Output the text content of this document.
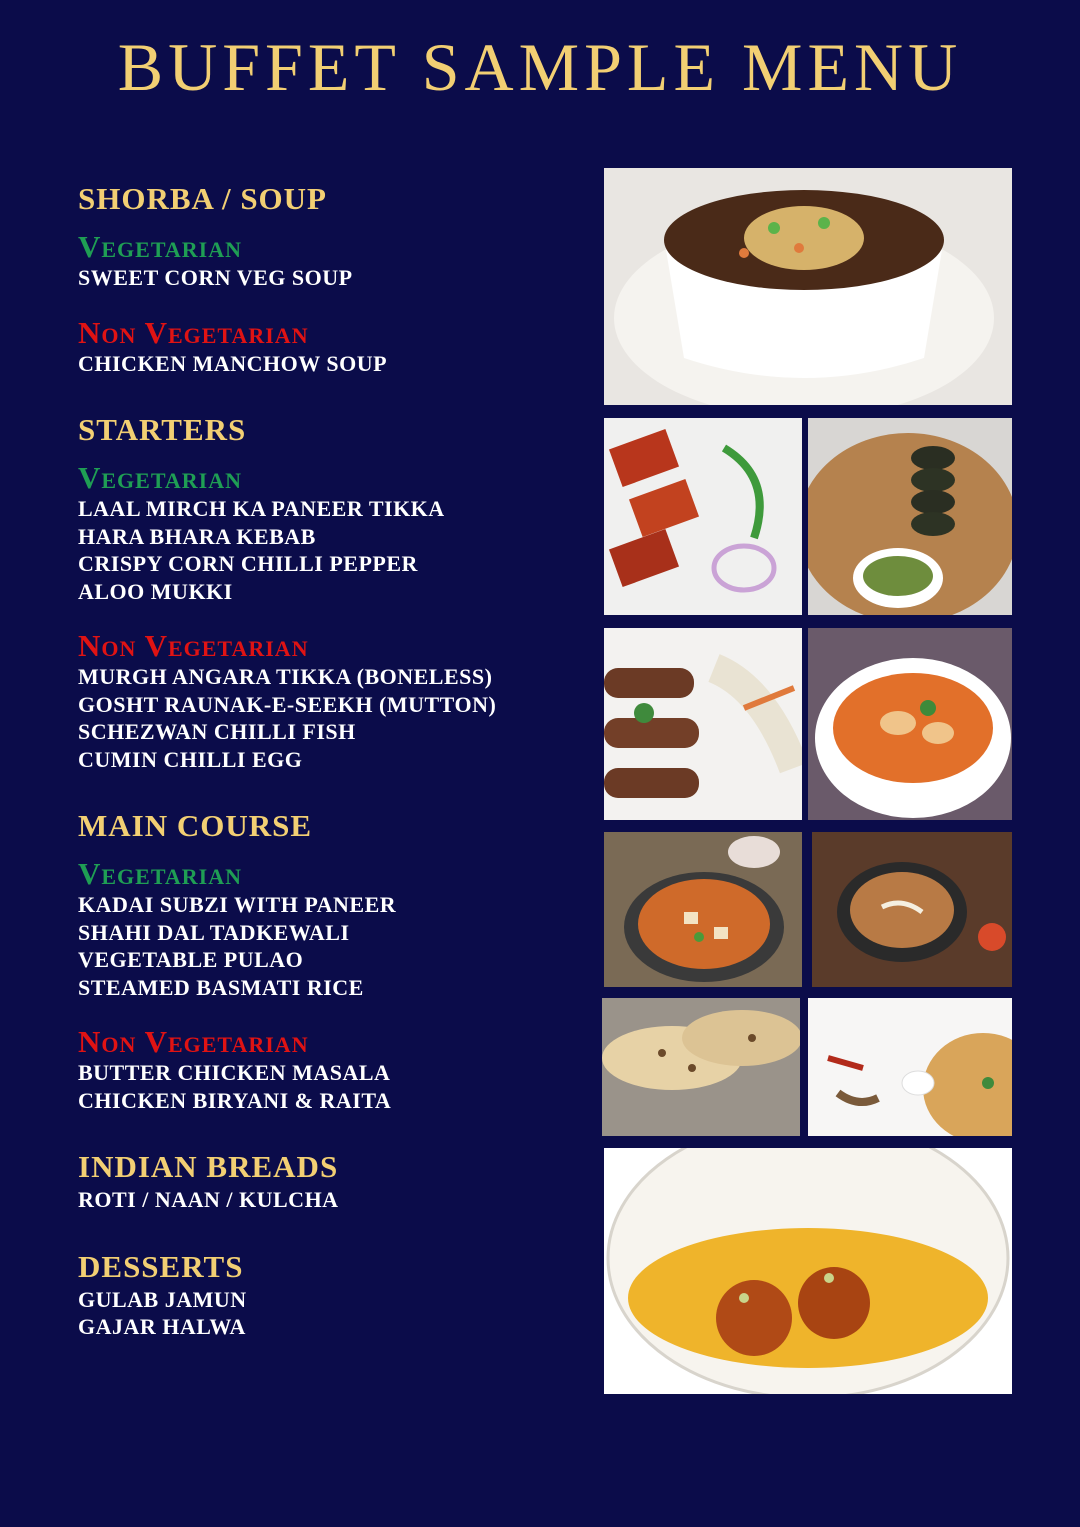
BUFFET SAMPLE MENU
SHORBA / SOUP
Vegetarian
SWEET CORN VEG SOUP
Non Vegetarian
CHICKEN MANCHOW SOUP
STARTERS
Vegetarian
LAAL MIRCH KA PANEER TIKKA
HARA BHARA KEBAB
CRISPY CORN CHILLI PEPPER
ALOO MUKKI
Non Vegetarian
MURGH ANGARA TIKKA (BONELESS)
GOSHT RAUNAK-E-SEEKH (MUTTON)
SCHEZWAN CHILLI FISH
CUMIN CHILLI EGG
MAIN COURSE
Vegetarian
KADAI SUBZI WITH PANEER
SHAHI DAL TADKEWALI
VEGETABLE PULAO
STEAMED BASMATI RICE
Non Vegetarian
BUTTER CHICKEN MASALA
CHICKEN BIRYANI & RAITA
INDIAN BREADS
ROTI / NAAN / KULCHA
DESSERTS
GULAB JAMUN
GAJAR HALWA
